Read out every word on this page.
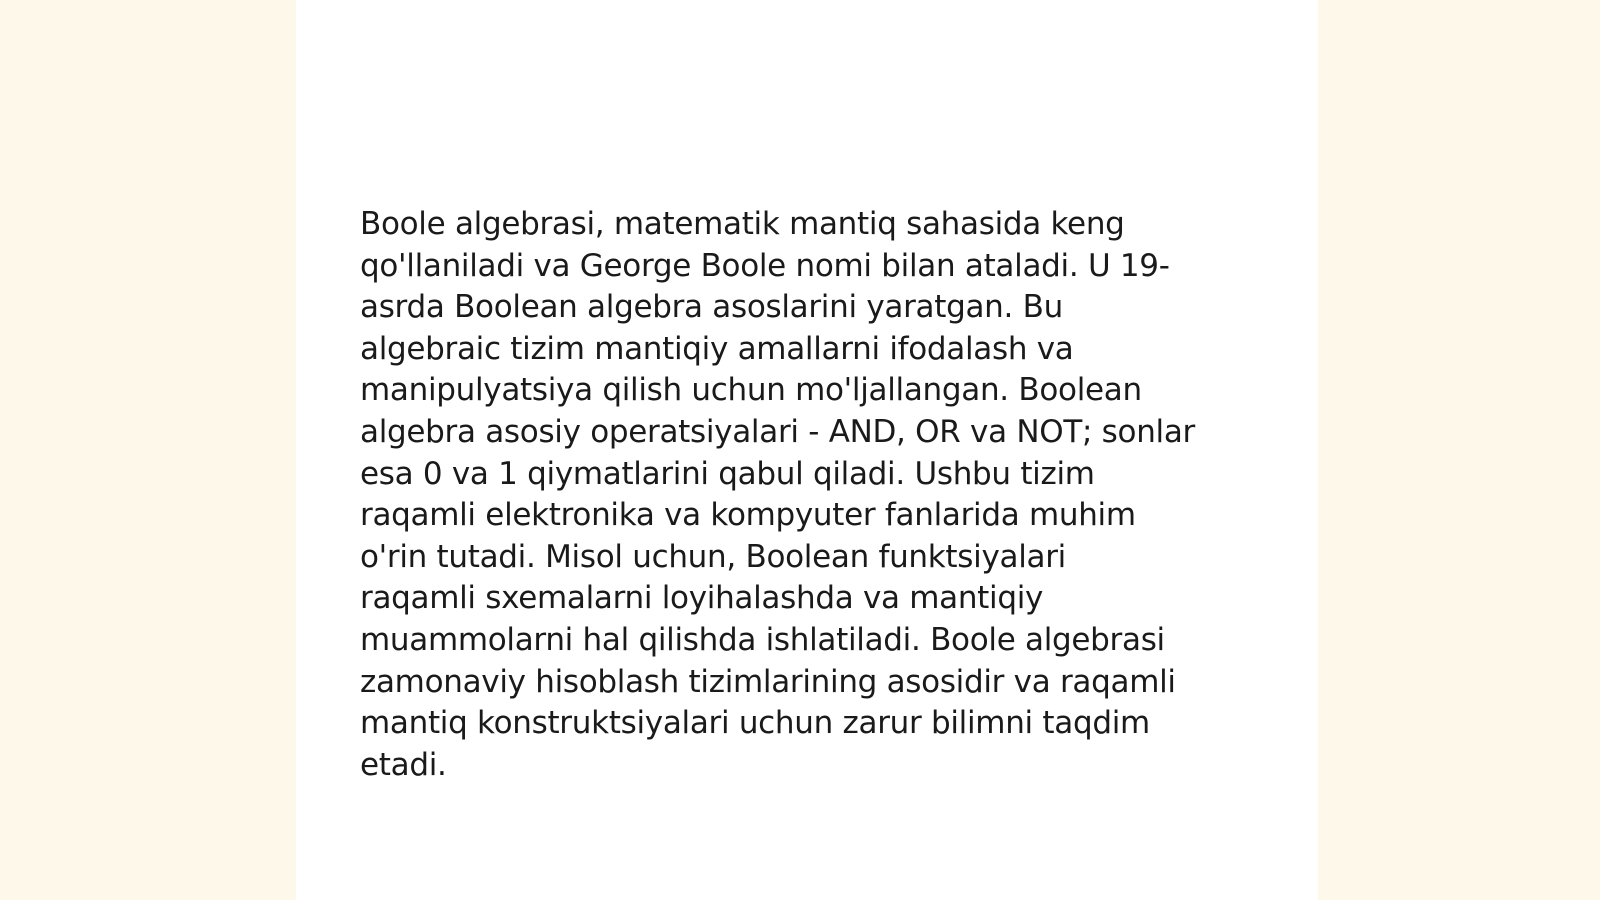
Boole algebrasi, matematik mantiq sahasida keng
qo'llaniladi va George Boole nomi bilan ataladi. U 19-
asrda Boolean algebra asoslarini yaratgan. Bu
algebraic tizim mantiqiy amallarni ifodalash va
manipulyatsiya qilish uchun mo'ljallangan. Boolean
algebra asosiy operatsiyalari - AND, OR va NOT; sonlar
esa 0 va 1 qiymatlarini qabul qiladi. Ushbu tizim
raqamli elektronika va kompyuter fanlarida muhim
o'rin tutadi. Misol uchun, Boolean funktsiyalari
raqamli sxemalarni loyihalashda va mantiqiy
muammolarni hal qilishda ishlatiladi. Boole algebrasi
zamonaviy hisoblash tizimlarining asosidir va raqamli
mantiq konstruktsiyalari uchun zarur bilimni taqdim
etadi.
